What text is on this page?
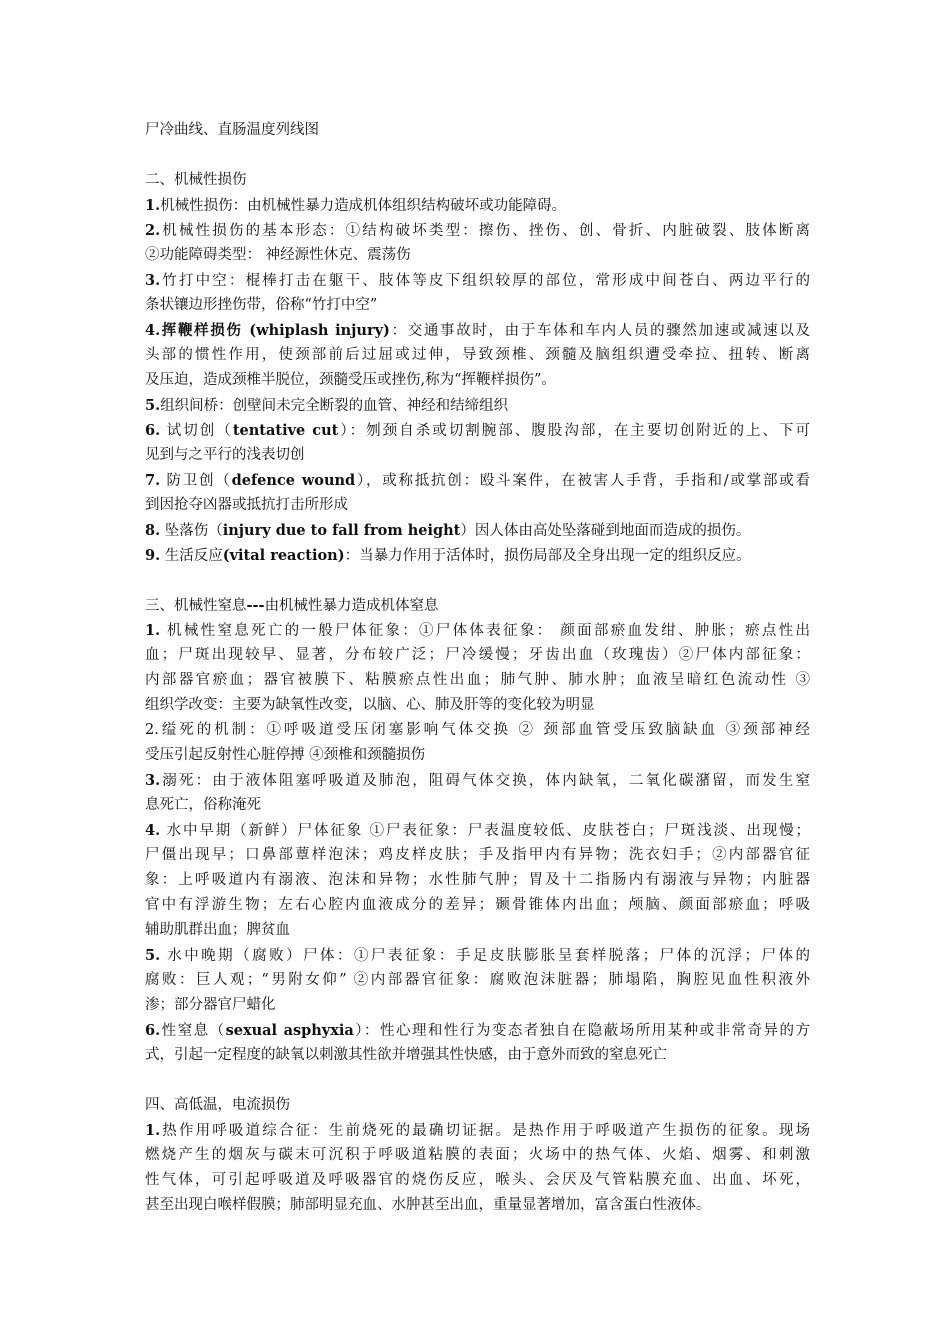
尸冷曲线、直肠温度列线图
二、机械性损伤
1.机械性损伤：由机械性暴力造成机体组织结构破坏或功能障碍。
2.机械性损伤的基本形态：①结构破坏类型：擦伤、挫伤、创、骨折、内脏破裂、肢体断离
②功能障碍类型： 神经源性休克、震荡伤
3.竹打中空：棍棒打击在躯干、肢体等皮下组织较厚的部位，常形成中间苍白、两边平行的
条状镶边形挫伤带，俗称“竹打中空”
4.挥鞭样损伤 (whiplash injury)：交通事故时，由于车体和车内人员的骤然加速或减速以及
头部的惯性作用，使颈部前后过屈或过伸，导致颈椎、颈髓及脑组织遭受牵拉、扭转、断离
及压迫，造成颈椎半脱位，颈髓受压或挫伤,称为“挥鞭样损伤”。
5.组织间桥：创壁间未完全断裂的血管、神经和结缔组织
6. 试切创（tentative cut）：刎颈自杀或切割腕部、腹股沟部，在主要切创附近的上、下可
见到与之平行的浅表切创
7. 防卫创（defence wound），或称抵抗创：殴斗案件，在被害人手背，手指和/或掌部或看
到因抢夺凶器或抵抗打击所形成
8. 坠落伤（injury due to fall from height）因人体由高处坠落碰到地面而造成的损伤。
9. 生活反应(vital reaction)：当暴力作用于活体时，损伤局部及全身出现一定的组织反应。
三、机械性窒息---由机械性暴力造成机体窒息
1. 机械性窒息死亡的一般尸体征象：①尸体体表征象： 颜面部瘀血发绀、肿胀；瘀点性出
血；尸斑出现较早、显著，分布较广泛；尸冷缓慢；牙齿出血（玫瑰齿）②尸体内部征象：
内部器官瘀血；器官被膜下、粘膜瘀点性出血；肺气肿、肺水肿；血液呈暗红色流动性 ③
组织学改变：主要为缺氧性改变，以脑、心、肺及肝等的变化较为明显
2.缢死的机制：①呼吸道受压闭塞影响气体交换 ② 颈部血管受压致脑缺血 ③颈部神经
受压引起反射性心脏停搏 ④颈椎和颈髓损伤
3.溺死：由于液体阻塞呼吸道及肺泡，阻碍气体交换，体内缺氧，二氧化碳潴留，而发生窒
息死亡，俗称淹死
4. 水中早期（新鲜）尸体征象 ①尸表征象：尸表温度较低、皮肤苍白；尸斑浅淡、出现慢；
尸僵出现早；口鼻部蕈样泡沫；鸡皮样皮肤；手及指甲内有异物；洗衣妇手；②内部器官征
象：上呼吸道内有溺液、泡沫和异物；水性肺气肿；胃及十二指肠内有溺液与异物；内脏器
官中有浮游生物；左右心腔内血液成分的差异；颞骨锥体内出血；颅脑、颜面部瘀血；呼吸
辅助肌群出血；脾贫血
5. 水中晚期（腐败）尸体：①尸表征象：手足皮肤膨胀呈套样脱落；尸体的沉浮；尸体的
腐败：巨人观；“男附女仰” ②内部器官征象：腐败泡沫脏器；肺塌陷，胸腔见血性积液外
渗；部分器官尸蜡化
6.性窒息（sexual asphyxia）：性心理和性行为变态者独自在隐蔽场所用某种或非常奇异的方
式，引起一定程度的缺氧以刺激其性欲并增强其性快感，由于意外而致的窒息死亡
四、高低温，电流损伤
1.热作用呼吸道综合征：生前烧死的最确切证据。是热作用于呼吸道产生损伤的征象。现场
燃烧产生的烟灰与碳末可沉积于呼吸道粘膜的表面；火场中的热气体、火焰、烟雾、和刺激
性气体，可引起呼吸道及呼吸器官的烧伤反应，喉头、会厌及气管粘膜充血、出血、坏死，
甚至出现白喉样假膜；肺部明显充血、水肿甚至出血，重量显著增加，富含蛋白性液体。
